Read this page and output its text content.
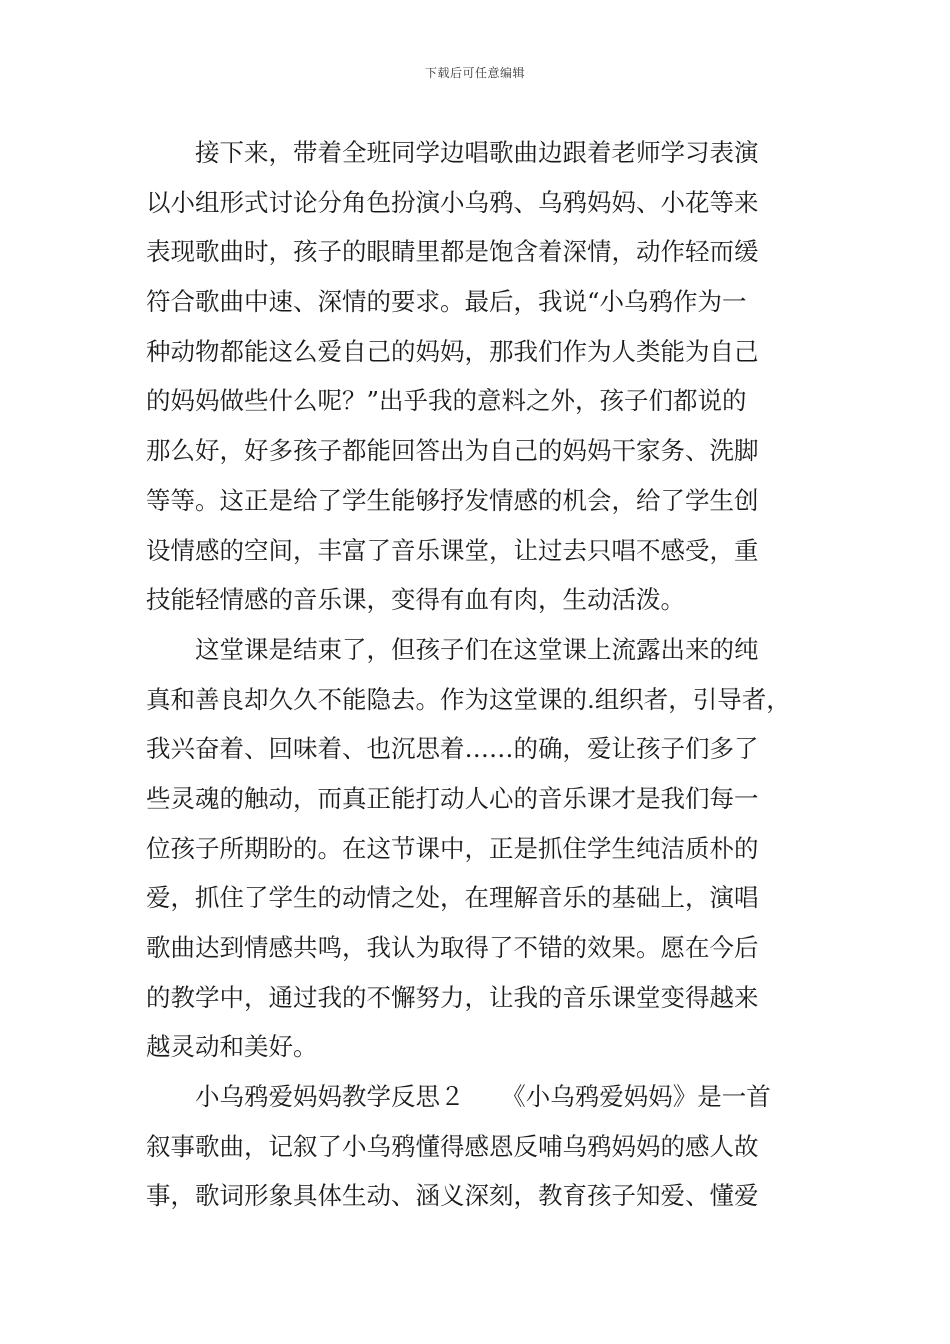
下载后可任意编辑
接下来，带着全班同学边唱歌曲边跟着老师学习表演
以小组形式讨论分角色扮演小乌鸦、乌鸦妈妈、小花等来
表现歌曲时，孩子的眼睛里都是饱含着深情，动作轻而缓
符合歌曲中速、深情的要求。最后，我说“小乌鸦作为一
种动物都能这么爱自己的妈妈，那我们作为人类能为自己
的妈妈做些什么呢？”出乎我的意料之外，孩子们都说的
那么好，好多孩子都能回答出为自己的妈妈干家务、洗脚
等等。这正是给了学生能够抒发情感的机会，给了学生创
设情感的空间，丰富了音乐课堂，让过去只唱不感受，重
技能轻情感的音乐课，变得有血有肉，生动活泼。
这堂课是结束了，但孩子们在这堂课上流露出来的纯
真和善良却久久不能隐去。作为这堂课的.组织者，引导者，
我兴奋着、回味着、也沉思着……的确，爱让孩子们多了
些灵魂的触动，而真正能打动人心的音乐课才是我们每一
位孩子所期盼的。在这节课中，正是抓住学生纯洁质朴的
爱，抓住了学生的动情之处，在理解音乐的基础上，演唱
歌曲达到情感共鸣，我认为取得了不错的效果。愿在今后
的教学中，通过我的不懈努力，让我的音乐课堂变得越来
越灵动和美好。
小乌鸦爱妈妈教学反思２　　《小乌鸦爱妈妈》是一首
叙事歌曲，记叙了小乌鸦懂得感恩反哺乌鸦妈妈的感人故
事，歌词形象具体生动、涵义深刻，教育孩子知爱、懂爱
